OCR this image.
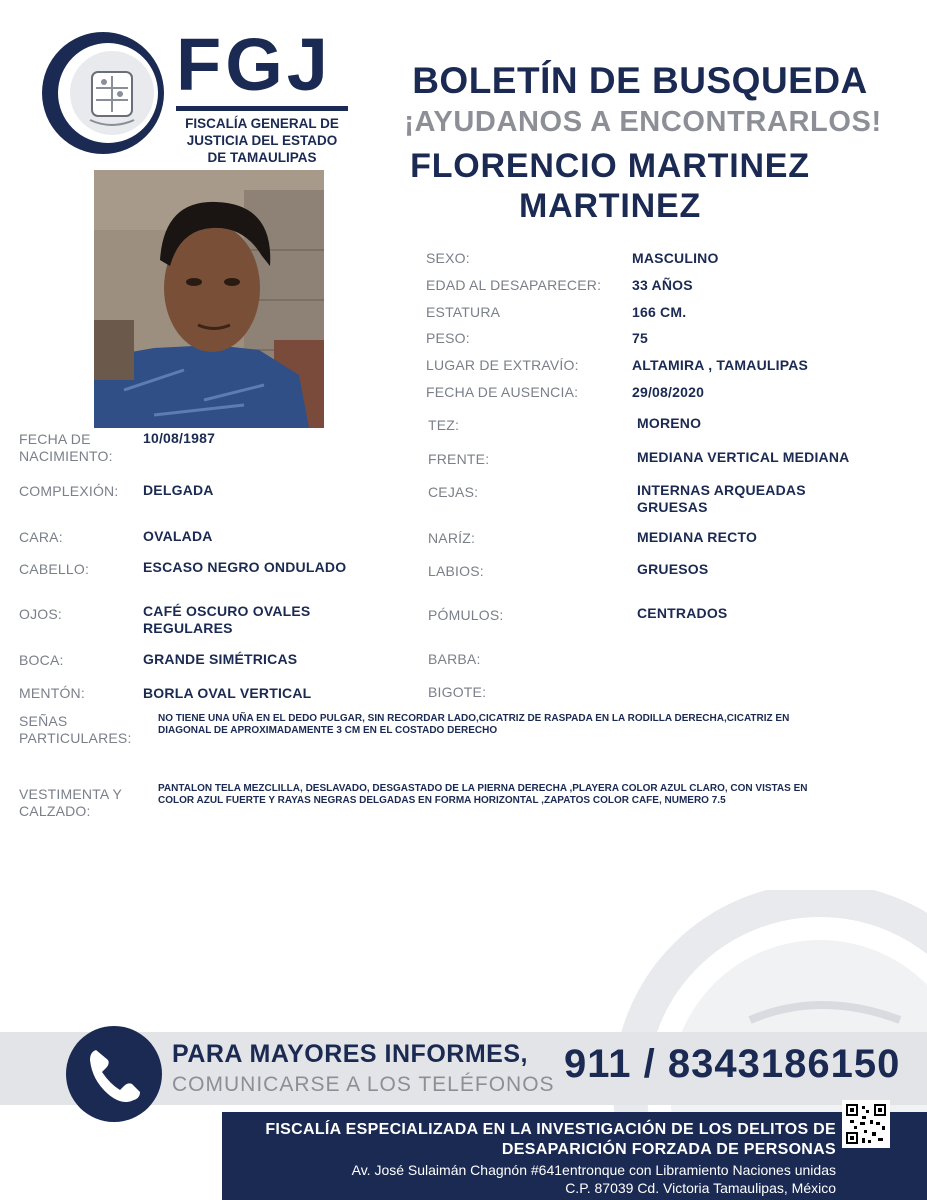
FGJ
FISCALÍA GENERAL DE
JUSTICIA DEL ESTADO
DE TAMAULIPAS
BOLETÍN DE BUSQUEDA
¡AYUDANOS A ENCONTRARLOS!
FLORENCIO MARTINEZ
MARTINEZ
SEXO:	MASCULINO
EDAD AL DESAPARECER: 33 AÑOS
ESTATURA	166 CM.
PESO:	75
LUGAR DE EXTRAVÍO:	ALTAMIRA , TAMAULIPAS
FECHA DE AUSENCIA:	29/08/2020
TEZ:	MORENO
FRENTE:	MEDIANA VERTICAL MEDIANA
CEJAS:	INTERNAS ARQUEADAS
GRUESAS
NARÍZ:	MEDIANA RECTO
LABIOS:	GRUESOS
PÓMULOS:	CENTRADOS
BARBA:
BIGOTE:
FECHA DE
NACIMIENTO:
10/08/1987
COMPLEXIÓN: DELGADA
CARA:	OVALADA
CABELLO:	ESCASO NEGRO ONDULADO
OJOS:	CAFÉ OSCURO OVALES
REGULARES
BOCA:	GRANDE SIMÉTRICAS
MENTÓN:	BORLA OVAL VERTICAL
SEÑAS
PARTICULARES:
NO TIENE UNA UÑA EN EL DEDO PULGAR, SIN RECORDAR LADO,CICATRIZ DE RASPADA EN LA RODILLA DERECHA,CICATRIZ EN
DIAGONAL DE APROXIMADAMENTE 3 CM EN EL COSTADO DERECHO
VESTIMENTA Y
CALZADO:
PANTALON TELA MEZCLILLA, DESLAVADO, DESGASTADO DE LA PIERNA DERECHA ,PLAYERA COLOR AZUL CLARO, CON VISTAS EN
COLOR AZUL FUERTE Y RAYAS NEGRAS DELGADAS EN FORMA HORIZONTAL ,ZAPATOS COLOR CAFE, NUMERO 7.5
PARA MAYORES INFORMES,
COMUNICARSE A LOS TELÉFONOS 911 / 8343186150
FISCALÍA ESPECIALIZADA EN LA INVESTIGACIÓN DE LOS DELITOS DE
DESAPARICIÓN FORZADA DE PERSONAS
Av. José Sulaimán Chagnón #641entronque con Libramiento Naciones unidas
C.P. 87039 Cd. Victoria Tamaulipas, México
